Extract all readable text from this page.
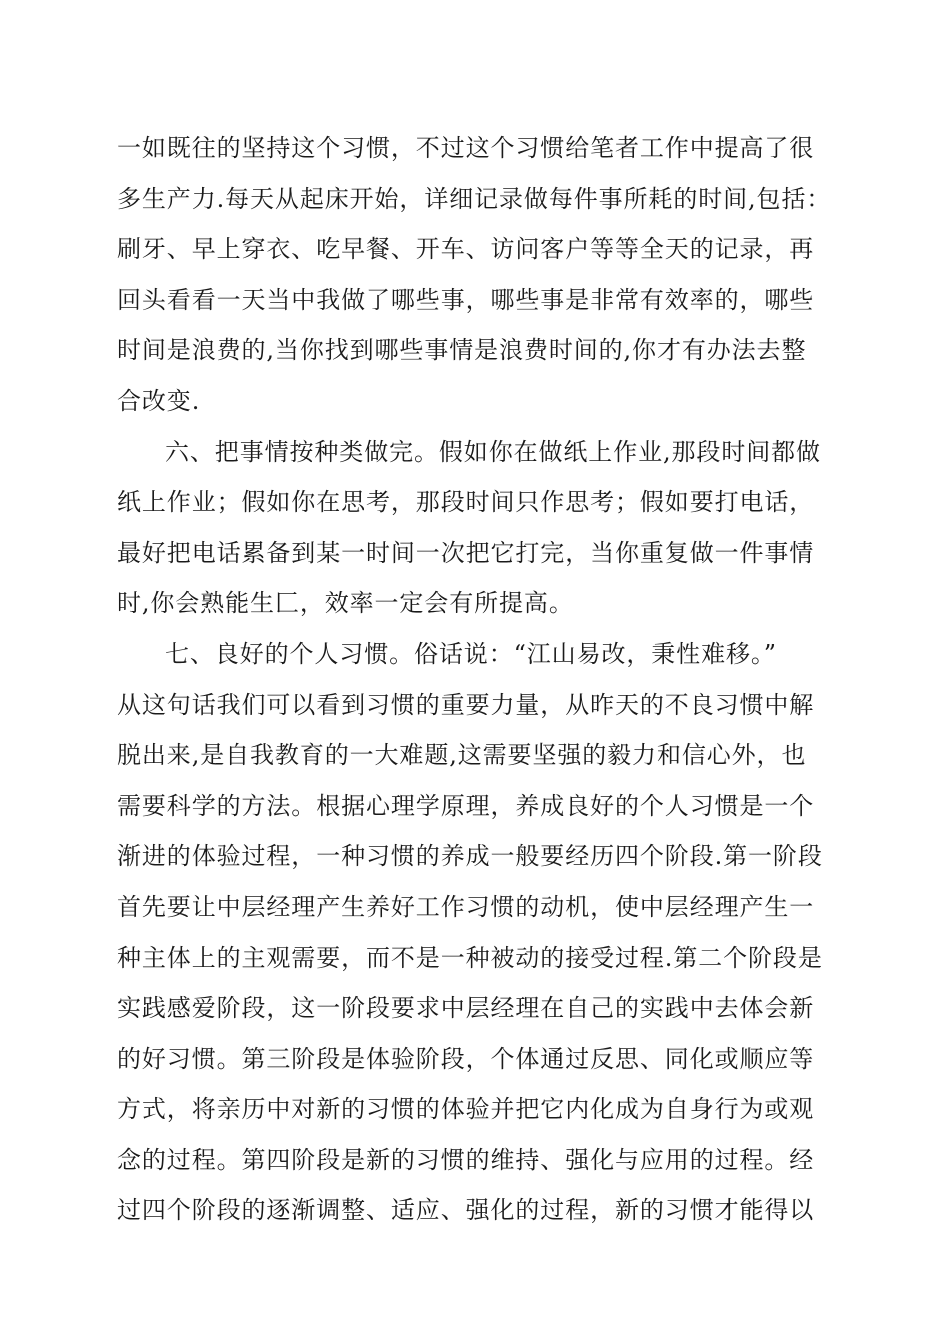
一如既往的坚持这个习惯，不过这个习惯给笔者工作中提高了很
多生产力.每天从起床开始，详细记录做每件事所耗的时间,包括：
刷牙、早上穿衣、吃早餐、开车、访问客户等等全天的记录，再
回头看看一天当中我做了哪些事，哪些事是非常有效率的，哪些
时间是浪费的,当你找到哪些事情是浪费时间的,你才有办法去整
合改变.
六、把事情按种类做完。假如你在做纸上作业,那段时间都做
纸上作业；假如你在思考，那段时间只作思考；假如要打电话，
最好把电话累备到某一时间一次把它打完，当你重复做一件事情
时,你会熟能生匚，效率一定会有所提高。
七、良好的个人习惯。俗话说：“江山易改，秉性难移。”
从这句话我们可以看到习惯的重要力量，从昨天的不良习惯中解
脱出来,是自我教育的一大难题,这需要坚强的毅力和信心外，也
需要科学的方法。根据心理学原理，养成良好的个人习惯是一个
渐进的体验过程，一种习惯的养成一般要经历四个阶段.第一阶段
首先要让中层经理产生养好工作习惯的动机，使中层经理产生一
种主体上的主观需要，而不是一种被动的接受过程.第二个阶段是
实践感爱阶段，这一阶段要求中层经理在自己的实践中去体会新
的好习惯。第三阶段是体验阶段，个体通过反思、同化或顺应等
方式，将亲历中对新的习惯的体验并把它内化成为自身行为或观
念的过程。第四阶段是新的习惯的维持、强化与应用的过程。经
过四个阶段的逐渐调整、适应、强化的过程，新的习惯才能得以
